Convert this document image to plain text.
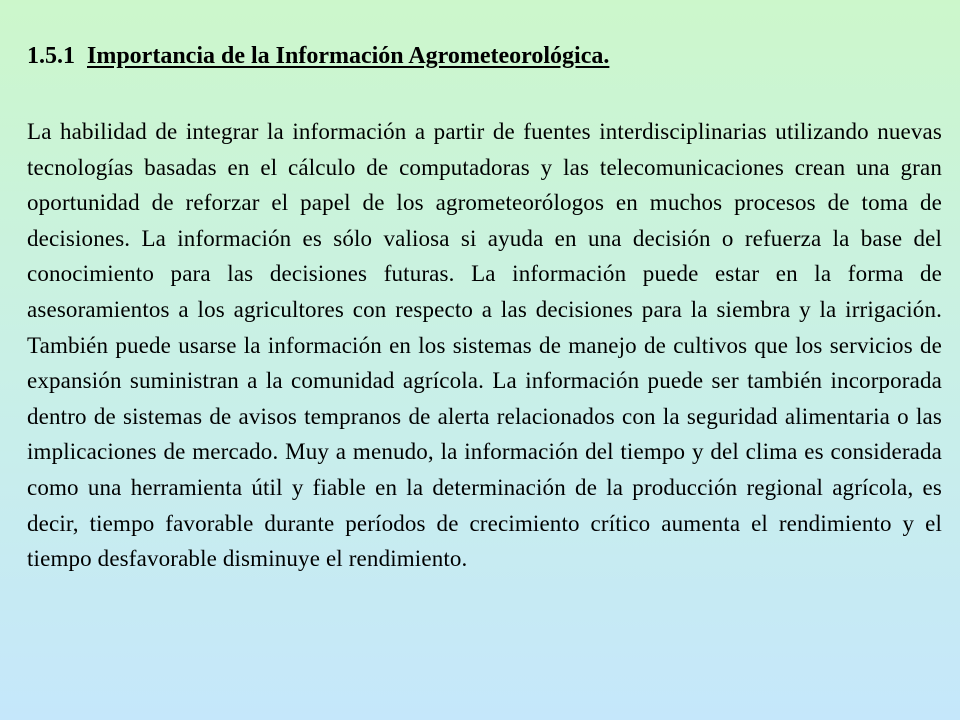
1.5.1 Importancia de la Información Agrometeorológica.

La habilidad de integrar la información a partir de fuentes interdisciplinarias utilizando nuevas tecnologías basadas en el cálculo de computadoras y las telecomunicaciones crean una gran oportunidad de reforzar el papel de los agrometeorólogos en muchos procesos de toma de decisiones. La información es sólo valiosa si ayuda en una decisión o refuerza la base del conocimiento para las decisiones futuras. La información puede estar en la forma de asesoramientos a los agricultores con respecto a las decisiones para la siembra y la irrigación. También puede usarse la información en los sistemas de manejo de cultivos que los servicios de expansión suministran a la comunidad agrícola. La información puede ser también incorporada dentro de sistemas de avisos tempranos de alerta relacionados con la seguridad alimentaria o las implicaciones de mercado. Muy a menudo, la información del tiempo y del clima es considerada como una herramienta útil y fiable en la determinación de la producción regional agrícola, es decir, tiempo favorable durante períodos de crecimiento crítico aumenta el rendimiento y el tiempo desfavorable disminuye el rendimiento.
